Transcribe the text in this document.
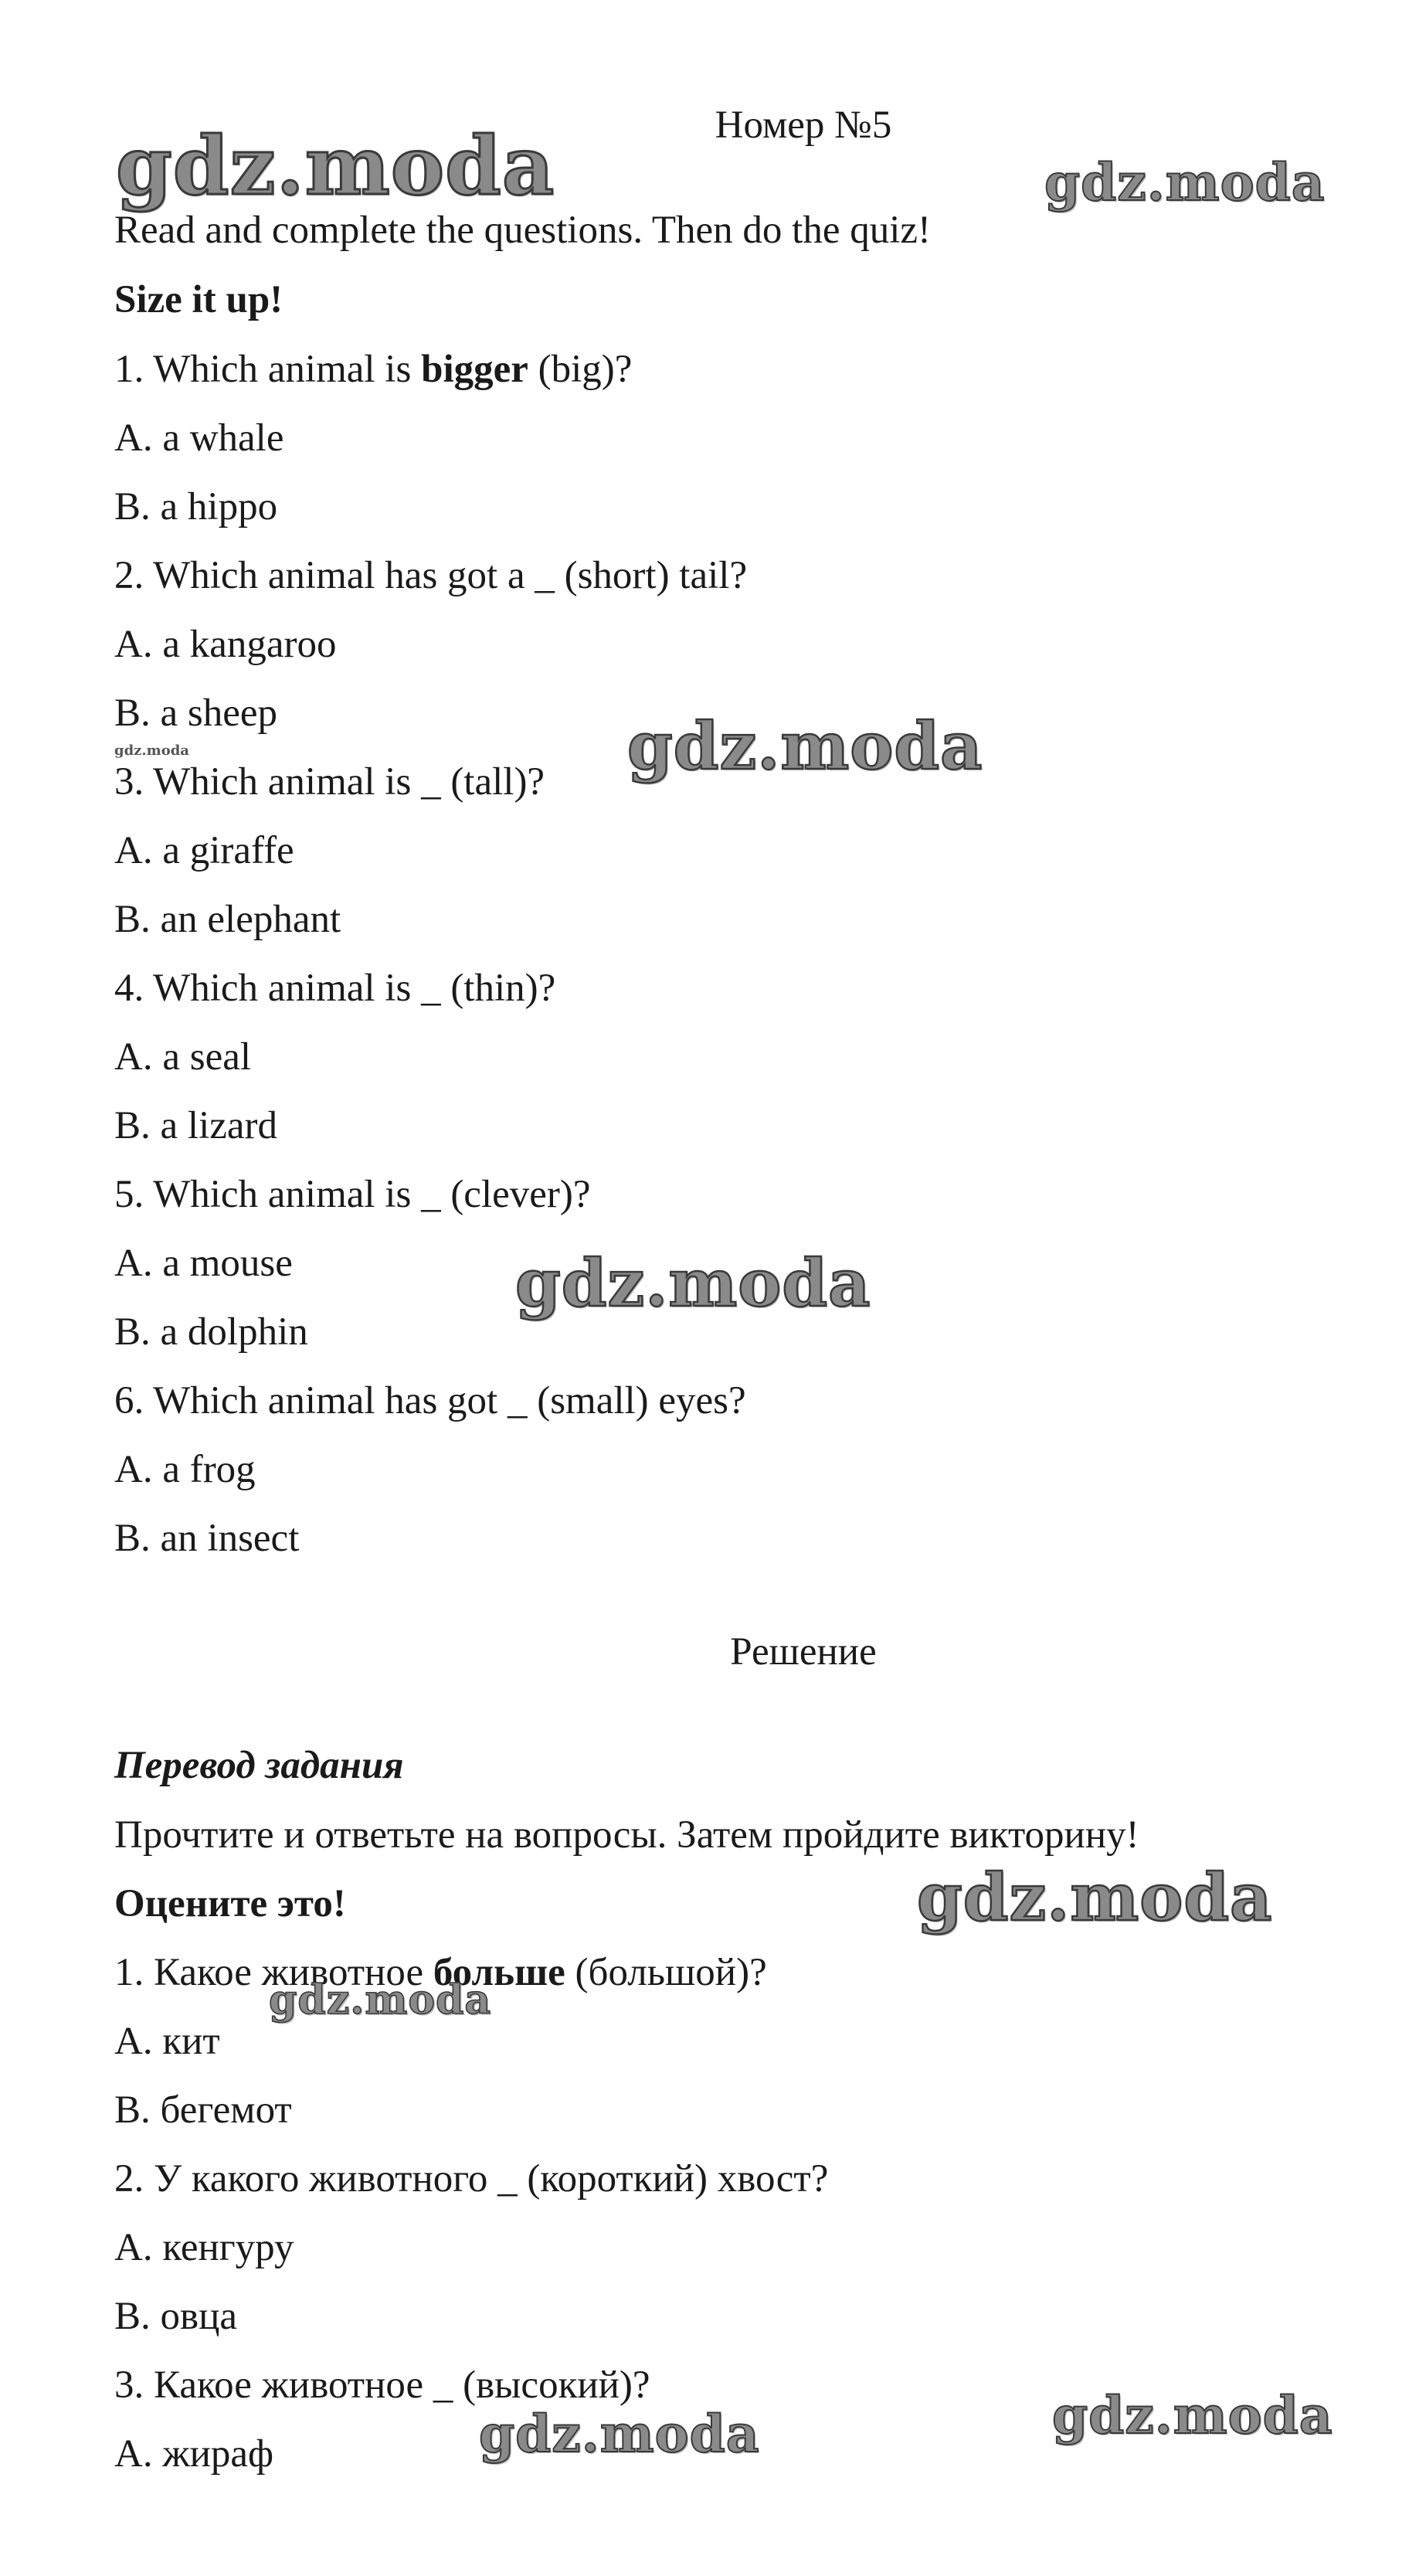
Номер №5
Read and complete the questions. Then do the quiz!
Size it up!
1. Which animal is bigger (big)?
A. a whale
B. a hippo
2. Which animal has got a _ (short) tail?
A. a kangaroo
B. a sheep
3. Which animal is _ (tall)?
A. a giraffe
B. an elephant
4. Which animal is _ (thin)?
A. a seal
B. a lizard
5. Which animal is _ (clever)?
A. a mouse
B. a dolphin
6. Which animal has got _ (small) eyes?
A. a frog
B. an insect
Решение
Перевод задания
Прочтите и ответьте на вопросы. Затем пройдите викторину!
Оцените это!
1. Какое животное больше (большой)?
A. кит
B. бегемот
2. У какого животного _ (короткий) хвост?
A. кенгуру
B. овца
3. Какое животное _ (высокий)?
A. жираф
gdz.moda	gdz.moda
gdz.moda	gdz.moda
gdz.moda
gdz.moda
gdz.moda
gdz.moda	gdz.moda
